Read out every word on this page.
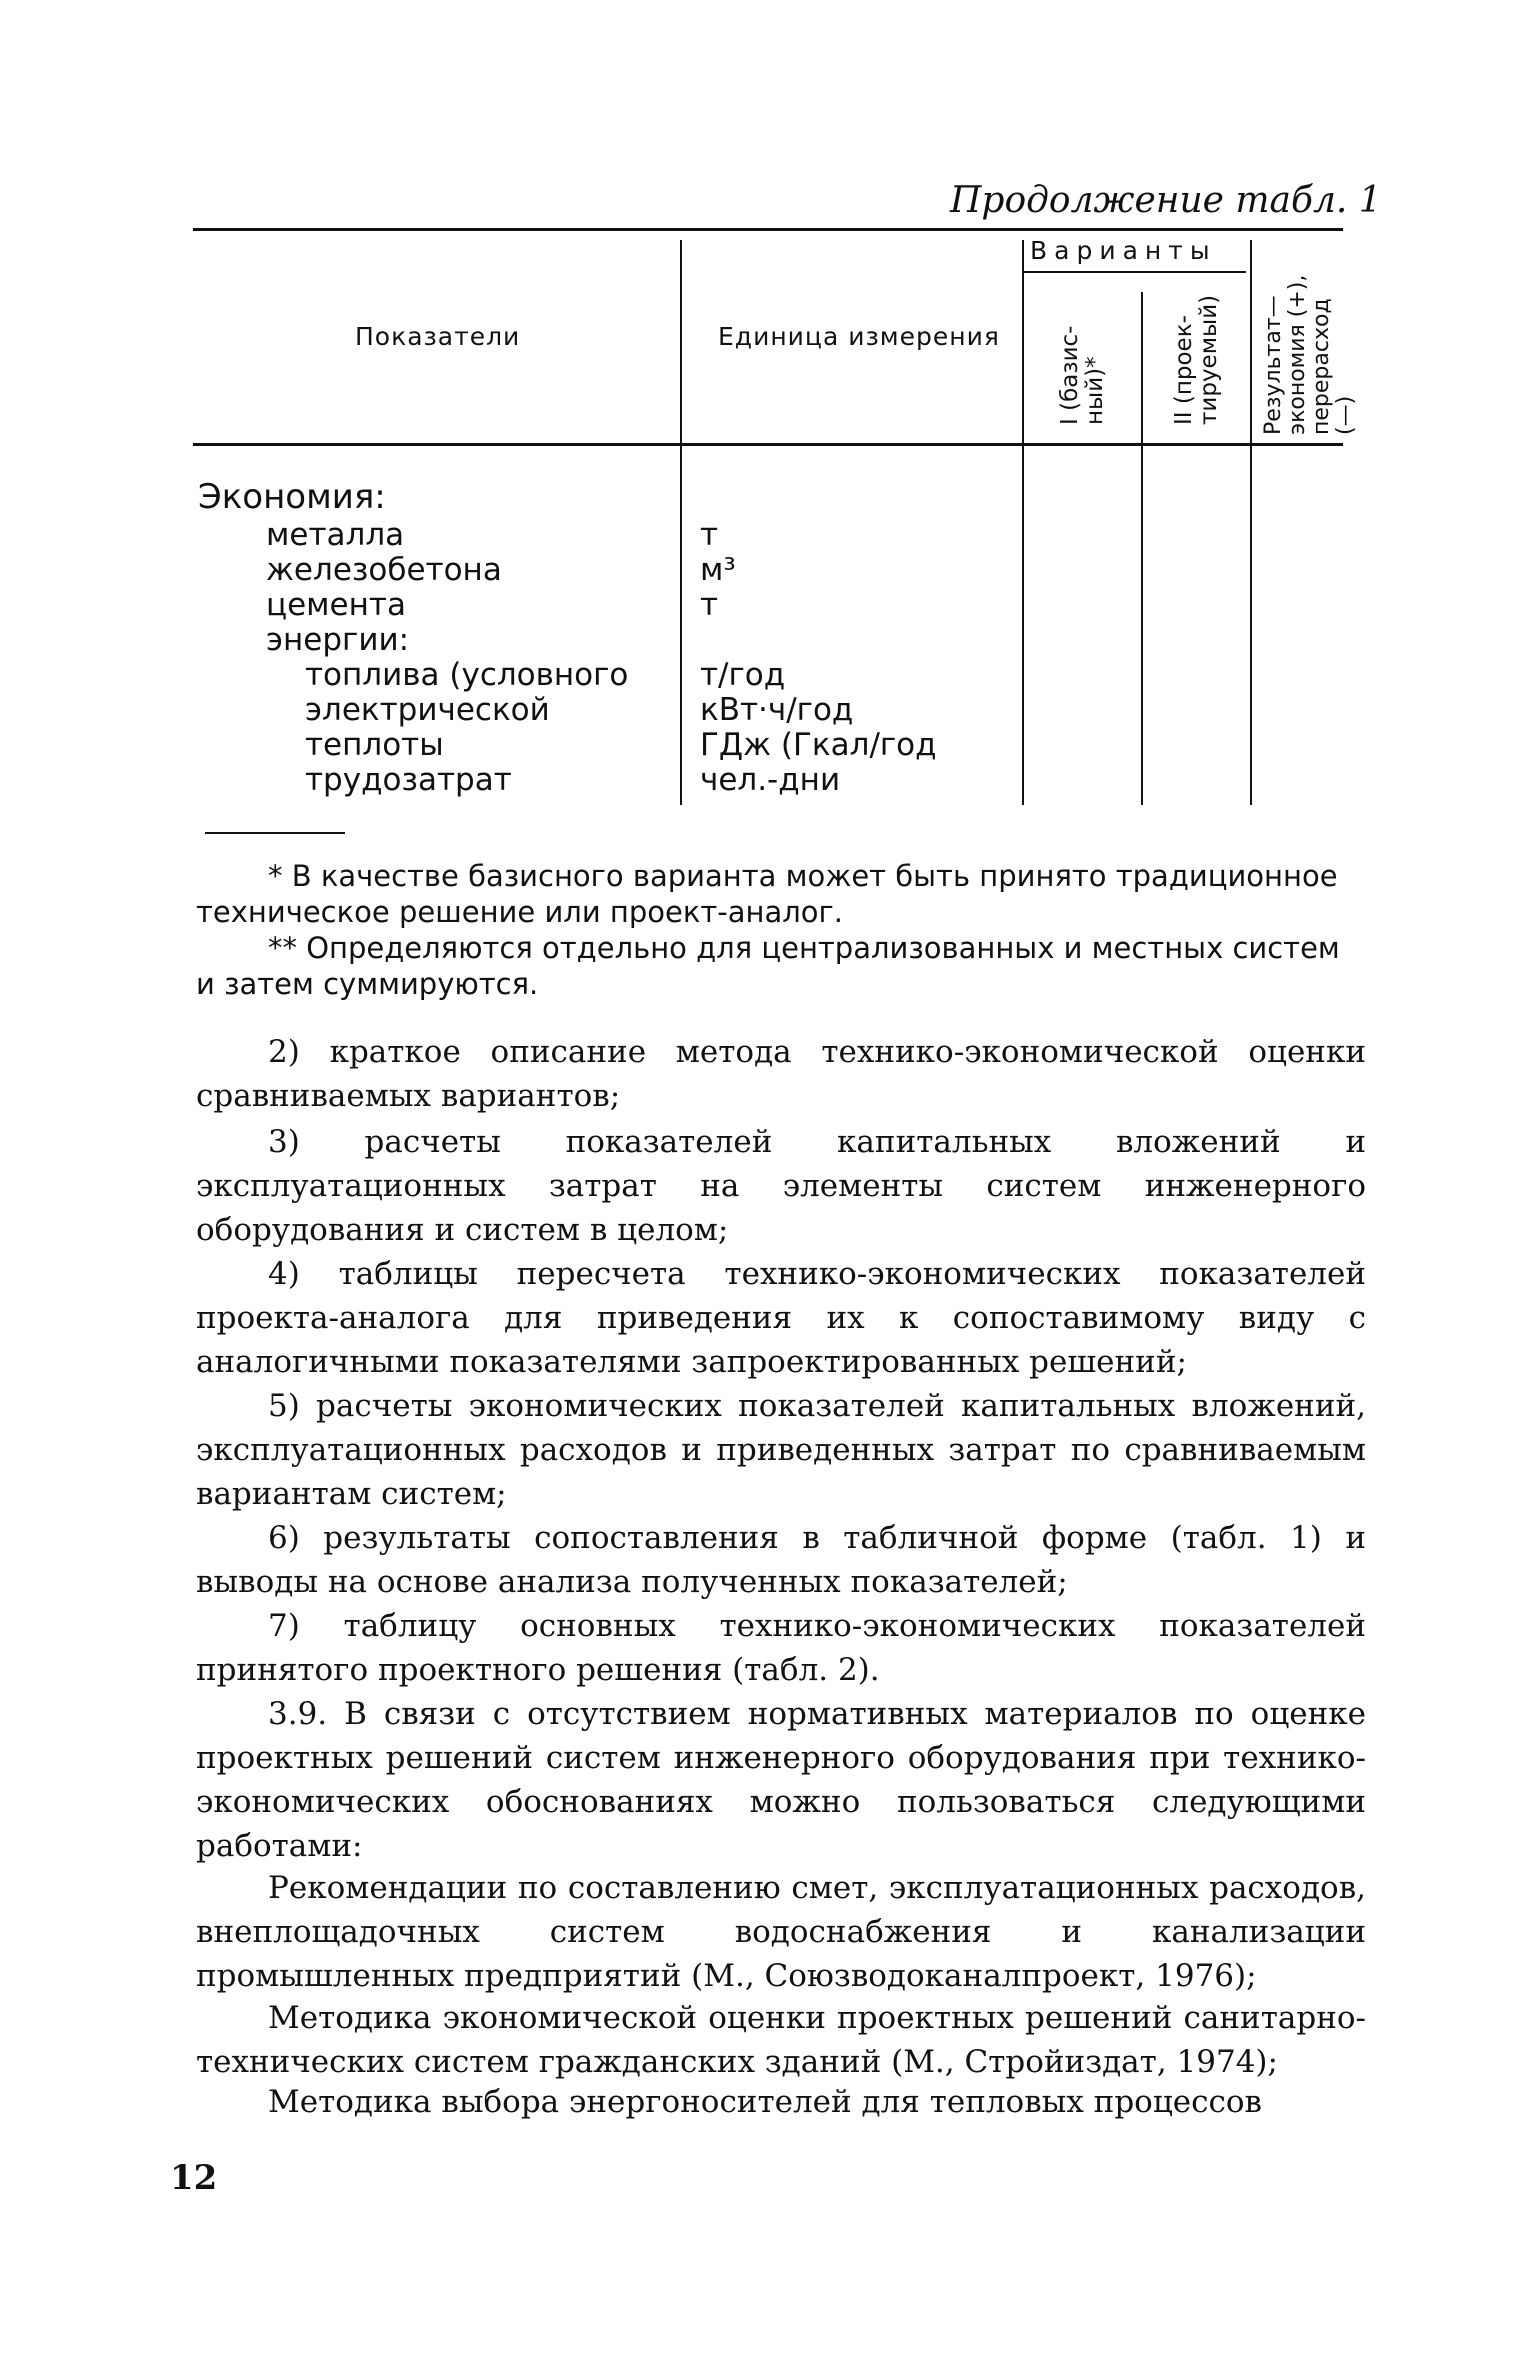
Продолжение табл. 1
Показатели	Единица измерения
Варианты
I (базис-
ный)*	II (проек-
тируемый) Результат—
экономия (+),
перерасход
(—)
Экономия:
металла
железобетона
цемента
энергии:
топлива (условного
электрической
теплоты
трудозатрат
т
м³
т
т/год
кВт·ч/год
ГДж (Гкал/год
чел.-дни
* В качестве базисного варианта может быть принято традиционное техническое решение или проект-аналог.
** Определяются отдельно для централизованных и местных систем и затем суммируются.
2) краткое описание метода технико-экономической оценки сравниваемых вариантов;
3) расчеты показателей капитальных вложений и эксплуатационных затрат на элементы систем инженерного оборудования и систем в целом;
4) таблицы пересчета технико-экономических показателей проекта-аналога для приведения их к сопоставимому виду с аналогичными показателями запроектированных решений;
5) расчеты экономических показателей капитальных вложений, эксплуатационных расходов и приведенных затрат по сравниваемым вариантам систем;
6) результаты сопоставления в табличной форме (табл. 1) и выводы на основе анализа полученных показателей;
7) таблицу основных технико-экономических показателей принятого проектного решения (табл. 2).
3.9. В связи с отсутствием нормативных материалов по оценке проектных решений систем инженерного оборудования при технико-экономических обоснованиях можно пользоваться следующими работами:
Рекомендации по составлению смет, эксплуатационных расходов, внеплощадочных систем водоснабжения и канализации промышленных предприятий (М., Союзводоканалпроект, 1976);
Методика экономической оценки проектных решений санитарно-технических систем гражданских зданий (М., Стройиздат, 1974);
Методика выбора энергоносителей для тепловых процессов
12
